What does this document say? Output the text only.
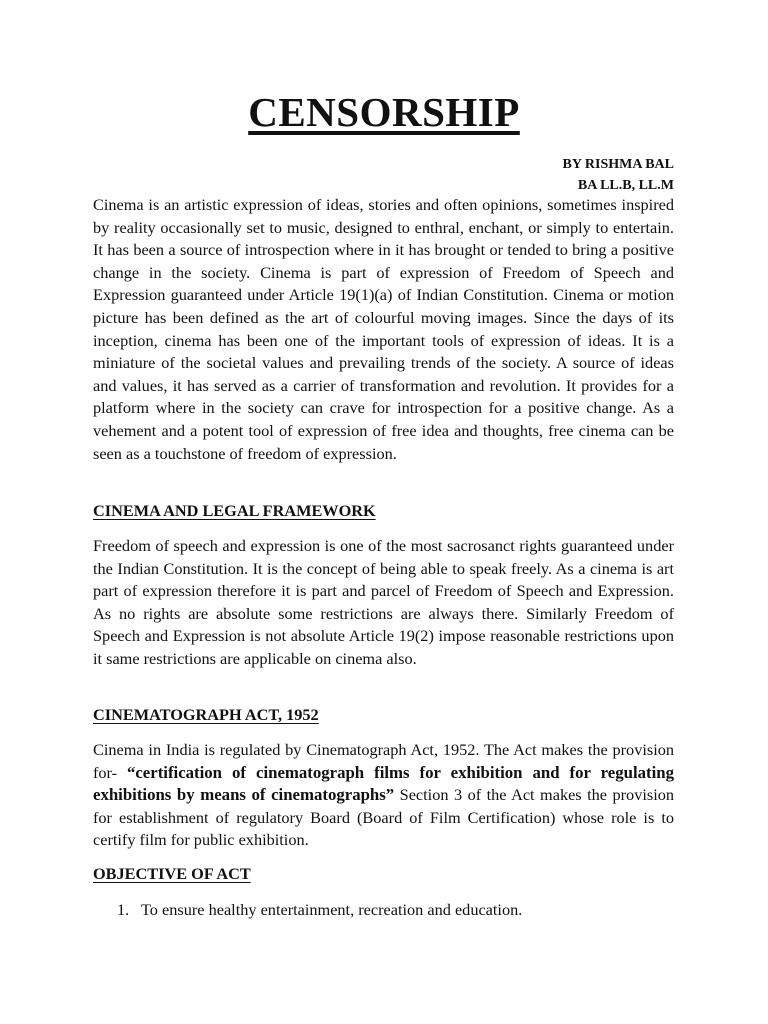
CENSORSHIP
BY RISHMA BAL
BA LL.B, LL.M

Cinema is an artistic expression of ideas, stories and often opinions, sometimes inspired by reality occasionally set to music, designed to enthral, enchant, or simply to entertain. It has been a source of introspection where in it has brought or tended to bring a positive change in the society. Cinema is part of expression of Freedom of Speech and Expression guaranteed under Article 19(1)(a) of Indian Constitution. Cinema or motion picture has been defined as the art of colourful moving images. Since the days of its inception, cinema has been one of the important tools of expression of ideas. It is a miniature of the societal values and prevailing trends of the society. A source of ideas and values, it has served as a carrier of transformation and revolution. It provides for a platform where in the society can crave for introspection for a positive change. As a vehement and a potent tool of expression of free idea and thoughts, free cinema can be seen as a touchstone of freedom of expression.

CINEMA AND LEGAL FRAMEWORK

Freedom of speech and expression is one of the most sacrosanct rights guaranteed under the Indian Constitution. It is the concept of being able to speak freely. As a cinema is art part of expression therefore it is part and parcel of Freedom of Speech and Expression. As no rights are absolute some restrictions are always there. Similarly Freedom of Speech and Expression is not absolute Article 19(2) impose reasonable restrictions upon it same restrictions are applicable on cinema also.

CINEMATOGRAPH ACT, 1952

Cinema in India is regulated by Cinematograph Act, 1952. The Act makes the provision for- “certification of cinematograph films for exhibition and for regulating exhibitions by means of cinematographs” Section 3 of the Act makes the provision for establishment of regulatory Board (Board of Film Certification) whose role is to certify film for public exhibition.

OBJECTIVE OF ACT
1. To ensure healthy entertainment, recreation and education.
